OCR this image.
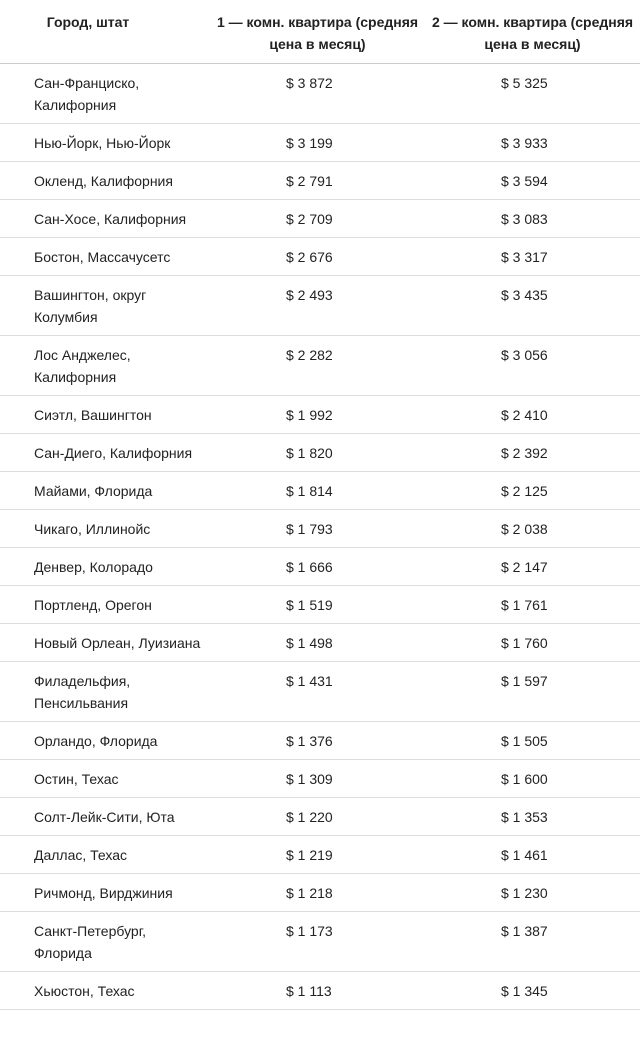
Город, штат	1 — комн. квартира (средняя цена в месяц)	2 — комн. квартира (средняя цена в месяц)
Сан-Франциско, Калифорния	$ 3 872	$ 5 325
Нью-Йорк, Нью-Йорк	$ 3 199	$ 3 933
Окленд, Калифорния	$ 2 791	$ 3 594
Сан-Хосе, Калифорния	$ 2 709	$ 3 083
Бостон, Массачусетс	$ 2 676	$ 3 317
Вашингтон, округ Колумбия	$ 2 493	$ 3 435
Лос Анджелес, Калифорния	$ 2 282	$ 3 056
Сиэтл, Вашингтон	$ 1 992	$ 2 410
Сан-Диего, Калифорния	$ 1 820	$ 2 392
Майами, Флорида	$ 1 814	$ 2 125
Чикаго, Иллинойс	$ 1 793	$ 2 038
Денвер, Колорадо	$ 1 666	$ 2 147
Портленд, Орегон	$ 1 519	$ 1 761
Новый Орлеан, Луизиана	$ 1 498	$ 1 760
Филадельфия, Пенсильвания	$ 1 431	$ 1 597
Орландо, Флорида	$ 1 376	$ 1 505
Остин, Техас	$ 1 309	$ 1 600
Солт-Лейк-Сити, Юта	$ 1 220	$ 1 353
Даллас, Техас	$ 1 219	$ 1 461
Ричмонд, Вирджиния	$ 1 218	$ 1 230
Санкт-Петербург, Флорида	$ 1 173	$ 1 387
Хьюстон, Техас	$ 1 113	$ 1 345
